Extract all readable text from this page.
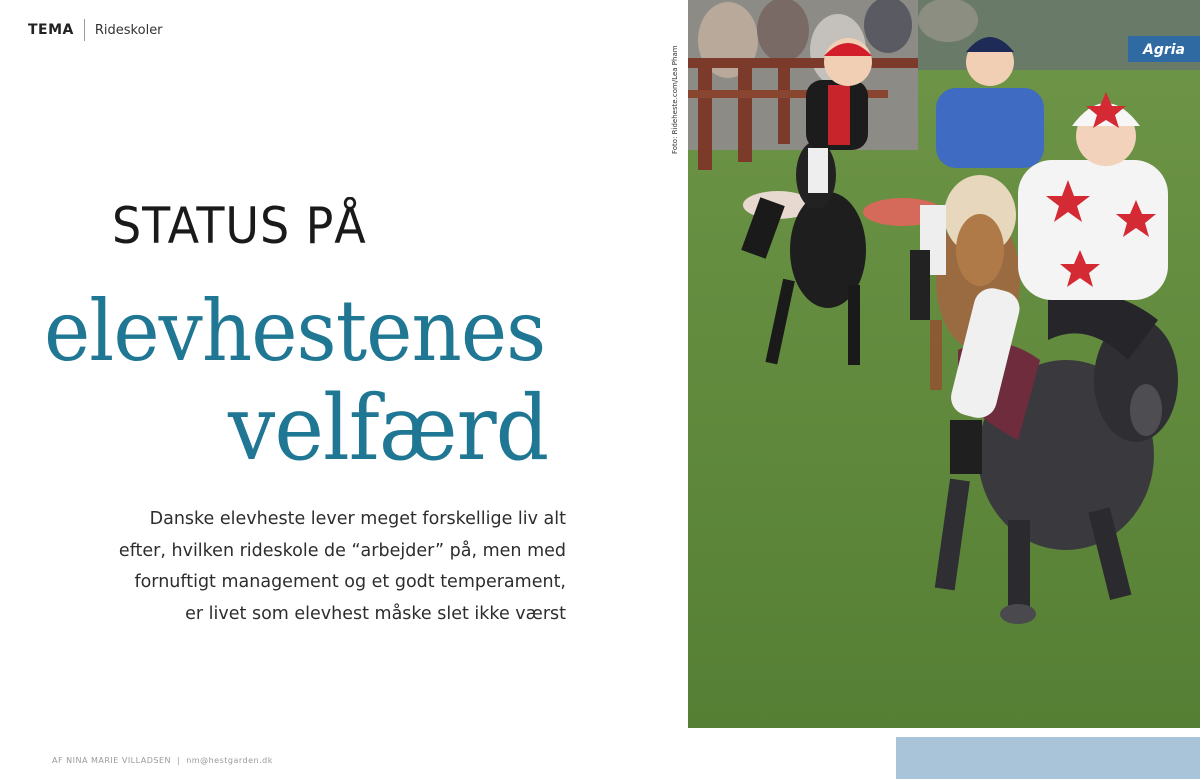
TEMA Rideskoler
STATUS PÅ
elevhestenes
velfærd
Danske elevheste lever meget forskellige liv alt
efter, hvilken rideskole de “arbejder” på, men med
fornuftigt management og et godt temperament,
er livet som elevhest måske slet ikke værst
AF NINA MARIE VILLADSEN | nm@hestgarden.dk
Foto: Rideheste.com/Lea Pham	Agria
